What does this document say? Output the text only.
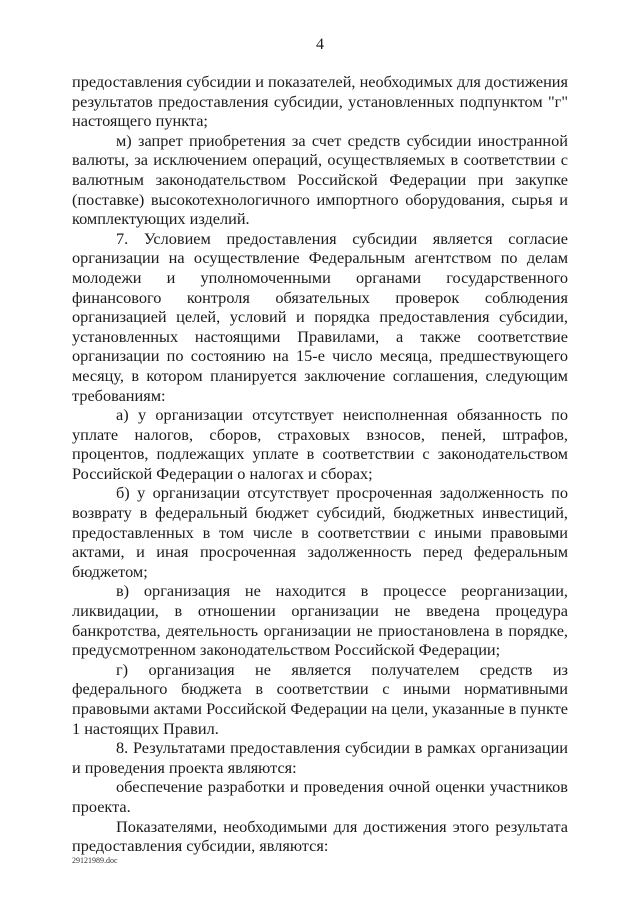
4

предоставления субсидии и показателей, необходимых для достижения результатов предоставления субсидии, установленных подпунктом "г" настоящего пункта;

м) запрет приобретения за счет средств субсидии иностранной валюты, за исключением операций, осуществляемых в соответствии с валютным законодательством Российской Федерации при закупке (поставке) высокотехнологичного импортного оборудования, сырья и комплектующих изделий.

7. Условием предоставления субсидии является согласие организации на осуществление Федеральным агентством по делам молодежи и уполномоченными органами государственного финансового контроля обязательных проверок соблюдения организацией целей, условий и порядка предоставления субсидии, установленных настоящими Правилами, а также соответствие организации по состоянию на 15-е число месяца, предшествующего месяцу, в котором планируется заключение соглашения, следующим требованиям:

а) у организации отсутствует неисполненная обязанность по уплате налогов, сборов, страховых взносов, пеней, штрафов, процентов, подлежащих уплате в соответствии с законодательством Российской Федерации о налогах и сборах;

б) у организации отсутствует просроченная задолженность по возврату в федеральный бюджет субсидий, бюджетных инвестиций, предоставленных в том числе в соответствии с иными правовыми актами, и иная просроченная задолженность перед федеральным бюджетом;

в) организация не находится в процессе реорганизации, ликвидации, в отношении организации не введена процедура банкротства, деятельность организации не приостановлена в порядке, предусмотренном законодательством Российской Федерации;

г) организация не является получателем средств из федерального бюджета в соответствии с иными нормативными правовыми актами Российской Федерации на цели, указанные в пункте 1 настоящих Правил.

8. Результатами предоставления субсидии в рамках организации и проведения проекта являются:

обеспечение разработки и проведения очной оценки участников проекта.

Показателями, необходимыми для достижения этого результата предоставления субсидии, являются:

29121989.doc
